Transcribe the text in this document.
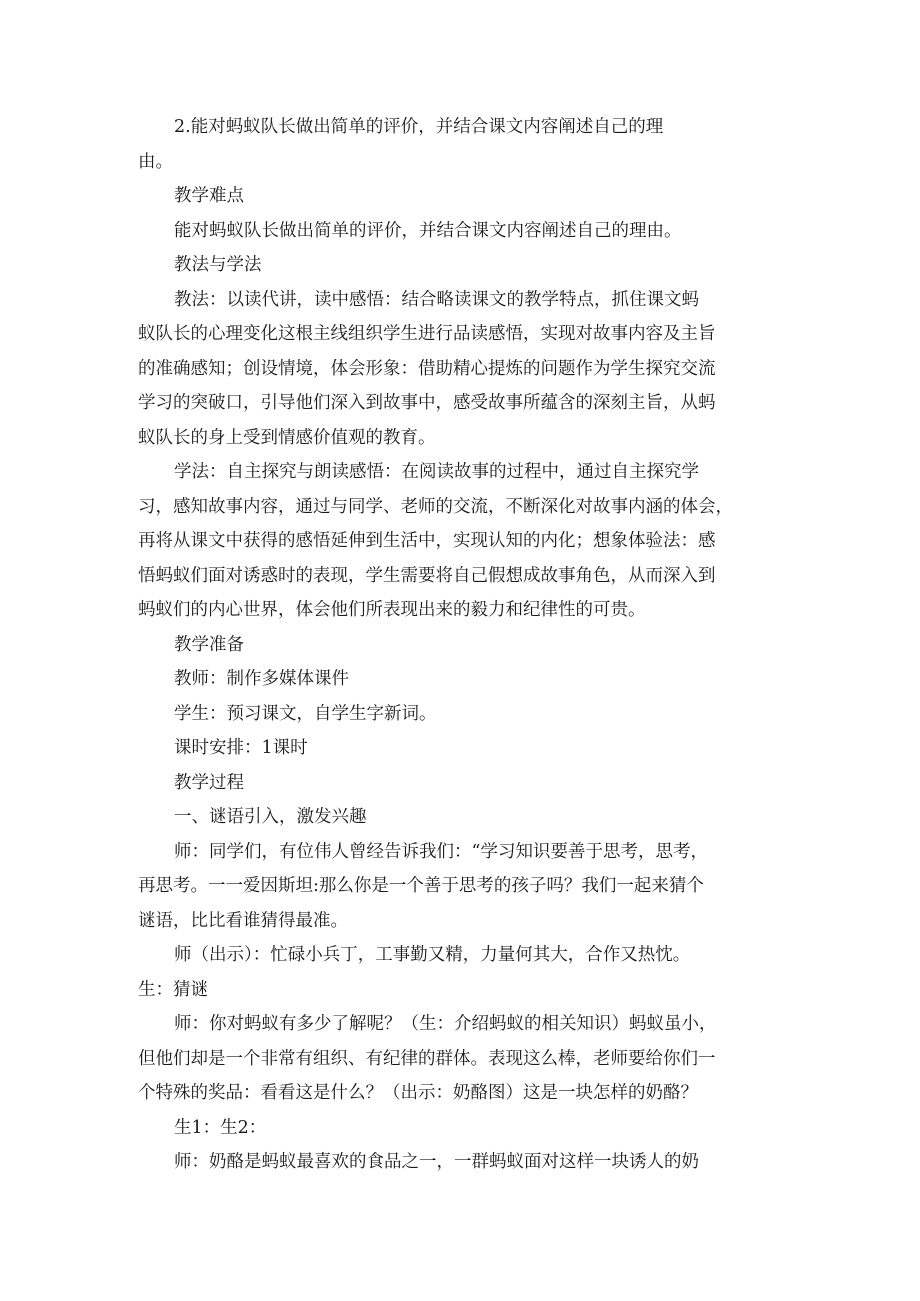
2.能对蚂蚁队长做出简单的评价，并结合课文内容阐述自己的理
由。
教学难点
能对蚂蚁队长做出简单的评价，并结合课文内容阐述自己的理由。
教法与学法
教法：以读代讲，读中感悟：结合略读课文的教学特点，抓住课文蚂
蚁队长的心理变化这根主线组织学生进行品读感悟，实现对故事内容及主旨
的准确感知；创设情境，体会形象：借助精心提炼的问题作为学生探究交流
学习的突破口，引导他们深入到故事中，感受故事所蕴含的深刻主旨，从蚂
蚁队长的身上受到情感价值观的教育。
学法：自主探究与朗读感悟：在阅读故事的过程中，通过自主探究学
习，感知故事内容，通过与同学、老师的交流，不断深化对故事内涵的体会，
再将从课文中获得的感悟延伸到生活中，实现认知的内化；想象体验法：感
悟蚂蚁们面对诱惑时的表现，学生需要将自己假想成故事角色，从而深入到
蚂蚁们的内心世界，体会他们所表现出来的毅力和纪律性的可贵。
教学准备
教师：制作多媒体课件
学生：预习课文，自学生字新词。
课时安排：1课时
教学过程
一、谜语引入，激发兴趣
师：同学们，有位伟人曾经告诉我们：“学习知识要善于思考，思考，
再思考。一一爱因斯坦:那么你是一个善于思考的孩子吗？我们一起来猜个
谜语，比比看谁猜得最准。
师（出示）：忙碌小兵丁，工事勤又精，力量何其大，合作又热忱。
生：猜谜
师：你对蚂蚁有多少了解呢？（生：介绍蚂蚁的相关知识）蚂蚁虽小，
但他们却是一个非常有组织、有纪律的群体。表现这么棒，老师要给你们一
个特殊的奖品：看看这是什么？（出示：奶酪图）这是一块怎样的奶酪？
生1：生2：
师：奶酪是蚂蚁最喜欢的食品之一，一群蚂蚁面对这样一块诱人的奶
